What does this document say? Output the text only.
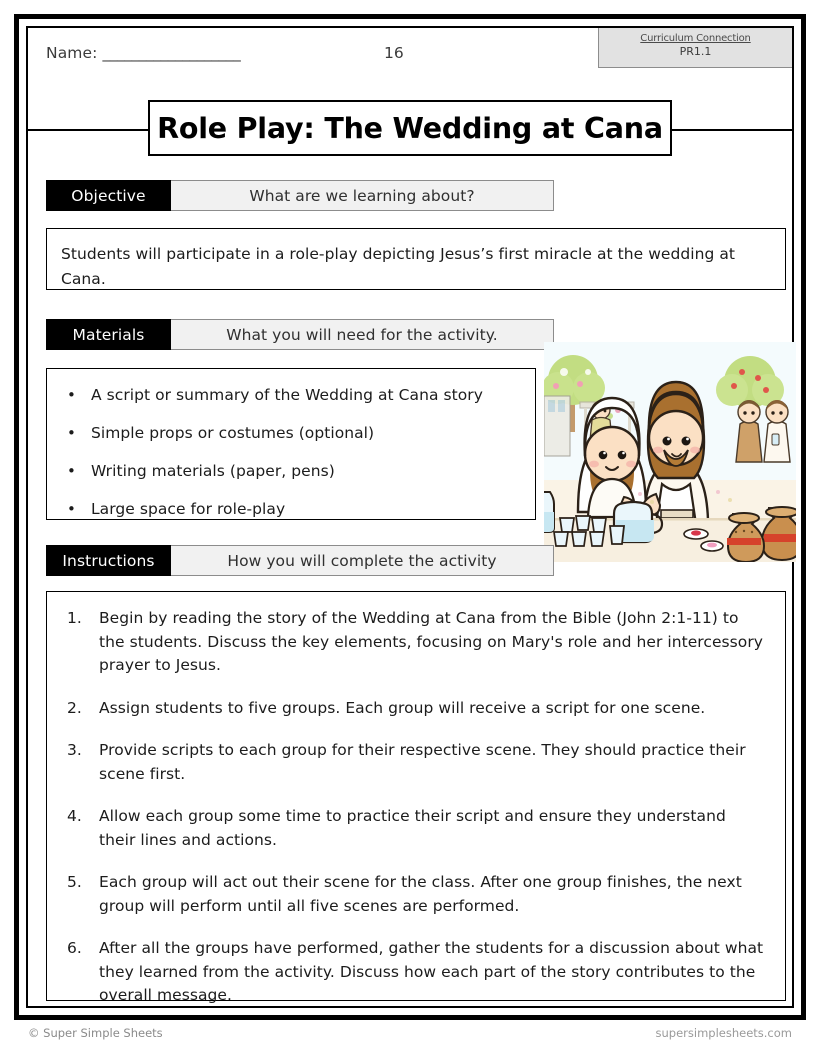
Name: ___________________	16
Curriculum Connection
PR1.1
Role Play: The Wedding at Cana
Objective	What are we learning about?
Students will participate in a role-play depicting Jesus’s first miracle at the wedding at Cana.
Materials	What you will need for the activity.
• A script or summary of the Wedding at Cana story
• Simple props or costumes (optional)
• Writing materials (paper, pens)
• Large space for role-play
Instructions	How you will complete the activity
1.	Begin by reading the story of the Wedding at Cana from the Bible (John 2:1-11) to the students. Discuss the key elements, focusing on Mary's role and her intercessory prayer to Jesus.
2.	Assign students to five groups. Each group will receive a script for one scene.
3.	Provide scripts to each group for their respective scene. They should practice their scene first.
4.	Allow each group some time to practice their script and ensure they understand their lines and actions.
5.	Each group will act out their scene for the class. After one group finishes, the next group will perform until all five scenes are performed.
6.	After all the groups have performed, gather the students for a discussion about what they learned from the activity. Discuss how each part of the story contributes to the overall message.
© Super Simple Sheets	supersimplesheets.com
